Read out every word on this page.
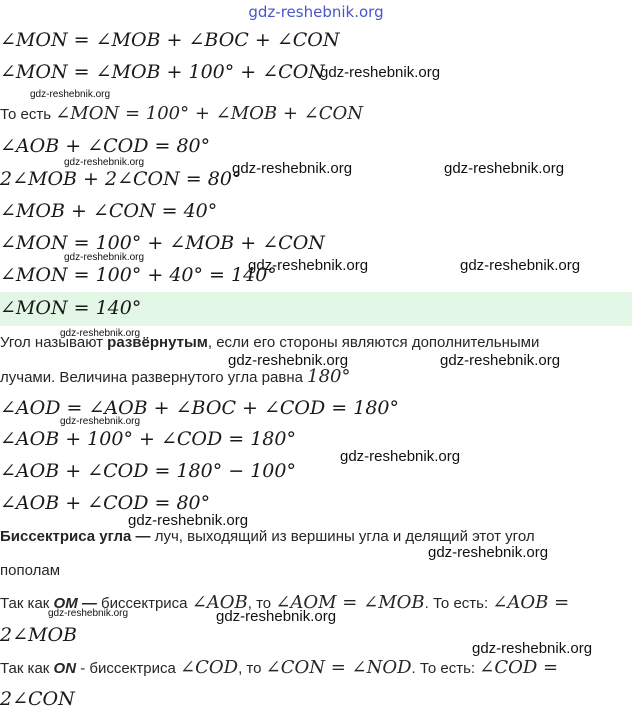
gdz-reshebnik.org
∠MON = ∠MOB + ∠BOC + ∠CON
∠MON = ∠MOB + 100° + ∠CON
То есть ∠MON = 100° + ∠MOB + ∠CON
∠AOB + ∠COD = 80°
2∠MOB + 2∠CON = 80°
∠MOB + ∠CON = 40°
∠MON = 100° + ∠MOB + ∠CON
∠MON = 100° + 40° = 140°
∠MON = 140°
Угол называют развёрнутым, если его стороны являются дополнительными
лучами. Величина развернутого угла равна 180°
∠AOD = ∠AOB + ∠BOC + ∠COD = 180°
∠AOB + 100° + ∠COD = 180°
∠AOB + ∠COD = 180° − 100°
∠AOB + ∠COD = 80°
Биссектриса угла — луч, выходящий из вершины угла и делящий этот угол
пополам
Так как OM — биссектриса ∠AOB, то ∠AOM = ∠MOB. То есть: ∠AOB =
2∠MOB
Так как ON - биссектриса ∠COD, то ∠CON = ∠NOD. То есть: ∠COD =
2∠CON
gdz-reshebnik.org
gdz-reshebnik.org
gdz-reshebnik.org	gdz-reshebnik.org	gdz-reshebnik.org
gdz-reshebnik.org	gdz-reshebnik.org	gdz-reshebnik.org
gdz-reshebnik.org
gdz-reshebnik.org	gdz-reshebnik.org
gdz-reshebnik.org
gdz-reshebnik.org
gdz-reshebnik.org
gdz-reshebnik.org
gdz-reshebnik.org	gdz-reshebnik.org
gdz-reshebnik.org
